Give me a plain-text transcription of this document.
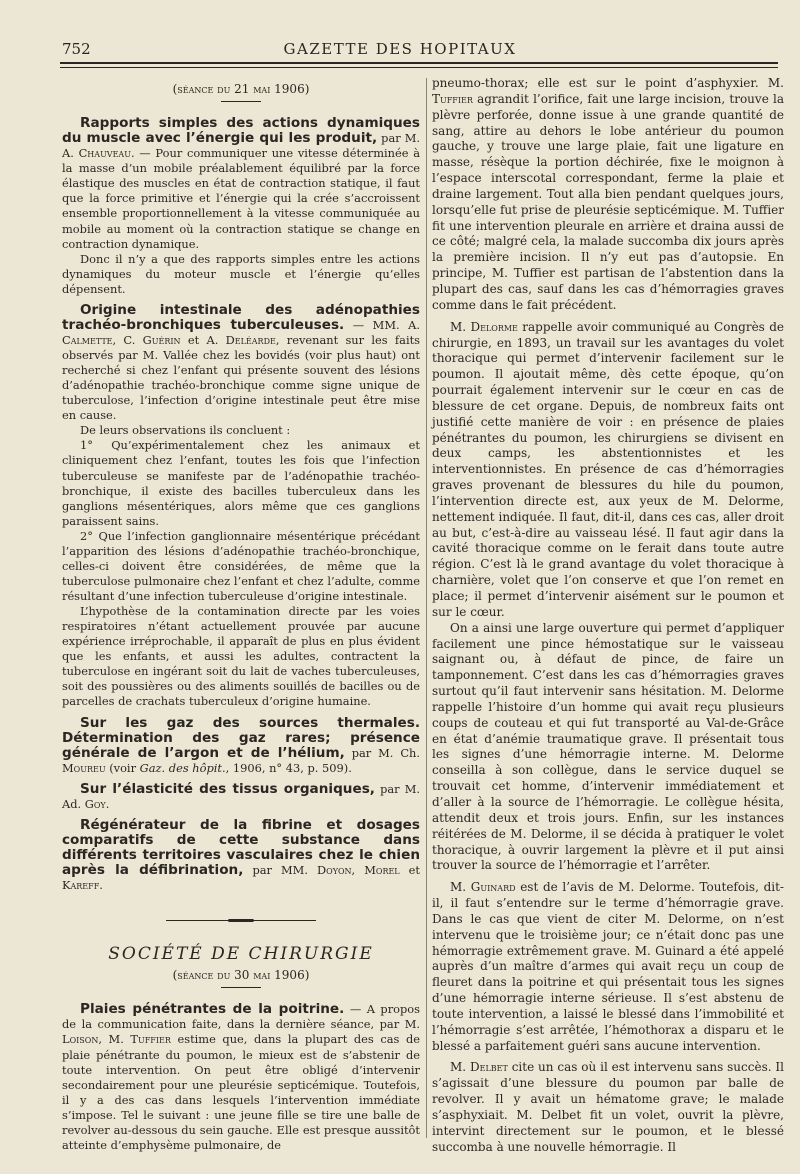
752	GAZETTE DES HOPITAUX

(séance du 21 mai 1906)

Rapports simples des actions dynamiques du muscle avec l’énergie qui les produit, par M. A. Chauveau. — Pour communiquer une vitesse déterminée à la masse d’un mobile préalablement équilibré par la force élastique des muscles en état de contraction statique, il faut que la force primitive et l’énergie qui la crée s’accroissent ensemble proportionnellement à la vitesse communiquée au mobile au moment où la contraction statique se change en contraction dynamique.

Donc il n’y a que des rapports simples entre les actions dynamiques du moteur muscle et l’énergie qu’elles dépensent.

Origine intestinale des adénopathies trachéo-bronchiques tuberculeuses. — MM. A. Calmette, C. Guérin et A. Deléarde, revenant sur les faits observés par M. Vallée chez les bovidés (voir plus haut) ont recherché si chez l’enfant qui présente souvent des lésions d’adénopathie trachéo-bronchique comme signe unique de tuberculose, l’infection d’origine intestinale peut être mise en cause.

De leurs observations ils concluent :

1° Qu’expérimentalement chez les animaux et cliniquement chez l’enfant, toutes les fois que l’infection tuberculeuse se manifeste par de l’adénopathie trachéo-bronchique, il existe des bacilles tuberculeux dans les ganglions mésentériques, alors même que ces ganglions paraissent sains.

2° Que l’infection ganglionnaire mésentérique précédant l’apparition des lésions d’adénopathie trachéo-bronchique, celles-ci doivent être considérées, de même que la tuberculose pulmonaire chez l’enfant et chez l’adulte, comme résultant d’une infection tuberculeuse d’origine intestinale.

L’hypothèse de la contamination directe par les voies respiratoires n’étant actuellement prouvée par aucune expérience irréprochable, il apparaît de plus en plus évident que les enfants, et aussi les adultes, contractent la tuberculose en ingérant soit du lait de vaches tuberculeuses, soit des poussières ou des aliments souillés de bacilles ou de parcelles de crachats tuberculeux d’origine humaine.

Sur les gaz des sources thermales. Détermination des gaz rares; présence générale de l’argon et de l’hélium, par M. Ch. Moureu (voir Gaz. des hôpit., 1906, n° 43, p. 509).

Sur l’élasticité des tissus organiques, par M. Ad. Goy.

Régénérateur de la fibrine et dosages comparatifs de cette substance dans différents territoires vasculaires chez le chien après la défibrination, par MM. Doyon, Morel et Kareff.

SOCIÉTÉ DE CHIRURGIE

(séance du 30 mai 1906)

Plaies pénétrantes de la poitrine. — A propos de la communication faite, dans la dernière séance, par M. Loison, M. Tuffier estime que, dans la plupart des cas de plaie pénétrante du poumon, le mieux est de s’abstenir de toute intervention. On peut être obligé d’intervenir secondairement pour une pleurésie septicémique. Toutefois, il y a des cas dans lesquels l’intervention immédiate s’impose. Tel le suivant : une jeune fille se tire une balle de revolver au-dessous du sein gauche. Elle est presque aussitôt atteinte d’emphysème pulmonaire, de

pneumo-thorax; elle est sur le point d’asphyxier. M. Tuffier agrandit l’orifice, fait une large incision, trouve la plèvre perforée, donne issue à une grande quantité de sang, attire au dehors le lobe antérieur du poumon gauche, y trouve une large plaie, fait une ligature en masse, résèque la portion déchirée, fixe le moignon à l’espace interscotal correspondant, ferme la plaie et draine largement. Tout alla bien pendant quelques jours, lorsqu’elle fut prise de pleurésie septicémique. M. Tuffier fit une intervention pleurale en arrière et draina aussi de ce côté; malgré cela, la malade succomba dix jours après la première incision. Il n’y eut pas d’autopsie. En principe, M. Tuffier est partisan de l’abstention dans la plupart des cas, sauf dans les cas d’hémorragies graves comme dans le fait précédent.

M. Delorme rappelle avoir communiqué au Congrès de chirurgie, en 1893, un travail sur les avantages du volet thoracique qui permet d’intervenir facilement sur le poumon. Il ajoutait même, dès cette époque, qu’on pourrait également intervenir sur le cœur en cas de blessure de cet organe. Depuis, de nombreux faits ont justifié cette manière de voir : en présence de plaies pénétrantes du poumon, les chirurgiens se divisent en deux camps, les abstentionnistes et les interventionnistes. En présence de cas d’hémorragies graves provenant de blessures du hile du poumon, l’intervention directe est, aux yeux de M. Delorme, nettement indiquée. Il faut, dit-il, dans ces cas, aller droit au but, c’est-à-dire au vaisseau lésé. Il faut agir dans la cavité thoracique comme on le ferait dans toute autre région. C’est là le grand avantage du volet thoracique à charnière, volet que l’on conserve et que l’on remet en place; il permet d’intervenir aisément sur le poumon et sur le cœur.

On a ainsi une large ouverture qui permet d’appliquer facilement une pince hémostatique sur le vaisseau saignant ou, à défaut de pince, de faire un tamponnement. C’est dans les cas d’hémorragies graves surtout qu’il faut intervenir sans hésitation. M. Delorme rappelle l’histoire d’un homme qui avait reçu plusieurs coups de couteau et qui fut transporté au Val-de-Grâce en état d’anémie traumatique grave. Il présentait tous les signes d’une hémorragie interne. M. Delorme conseilla à son collègue, dans le service duquel se trouvait cet homme, d’intervenir immédiatement et d’aller à la source de l’hémorragie. Le collègue hésita, attendit deux et trois jours. Enfin, sur les instances réitérées de M. Delorme, il se décida à pratiquer le volet thoracique, à ouvrir largement la plèvre et il put ainsi trouver la source de l’hémorragie et l’arrêter.

M. Guinard est de l’avis de M. Delorme. Toutefois, dit-il, il faut s’entendre sur le terme d’hémorragie grave. Dans le cas que vient de citer M. Delorme, on n’est intervenu que le troisième jour; ce n’était donc pas une hémorragie extrêmement grave. M. Guinard a été appelé auprès d’un maître d’armes qui avait reçu un coup de fleuret dans la poitrine et qui présentait tous les signes d’une hémorragie interne sérieuse. Il s’est abstenu de toute intervention, a laissé le blessé dans l’immobilité et l’hémorragie s’est arrêtée, l’hémothorax a disparu et le blessé a parfaitement guéri sans aucune intervention.

M. Delbet cite un cas où il est intervenu sans succès. Il s’agissait d’une blessure du poumon par balle de revolver. Il y avait un hématome grave; le malade s’asphyxiait. M. Delbet fit un volet, ouvrit la plèvre, intervint directement sur le poumon, et le blessé succomba à une nouvelle hémorragie. Il
